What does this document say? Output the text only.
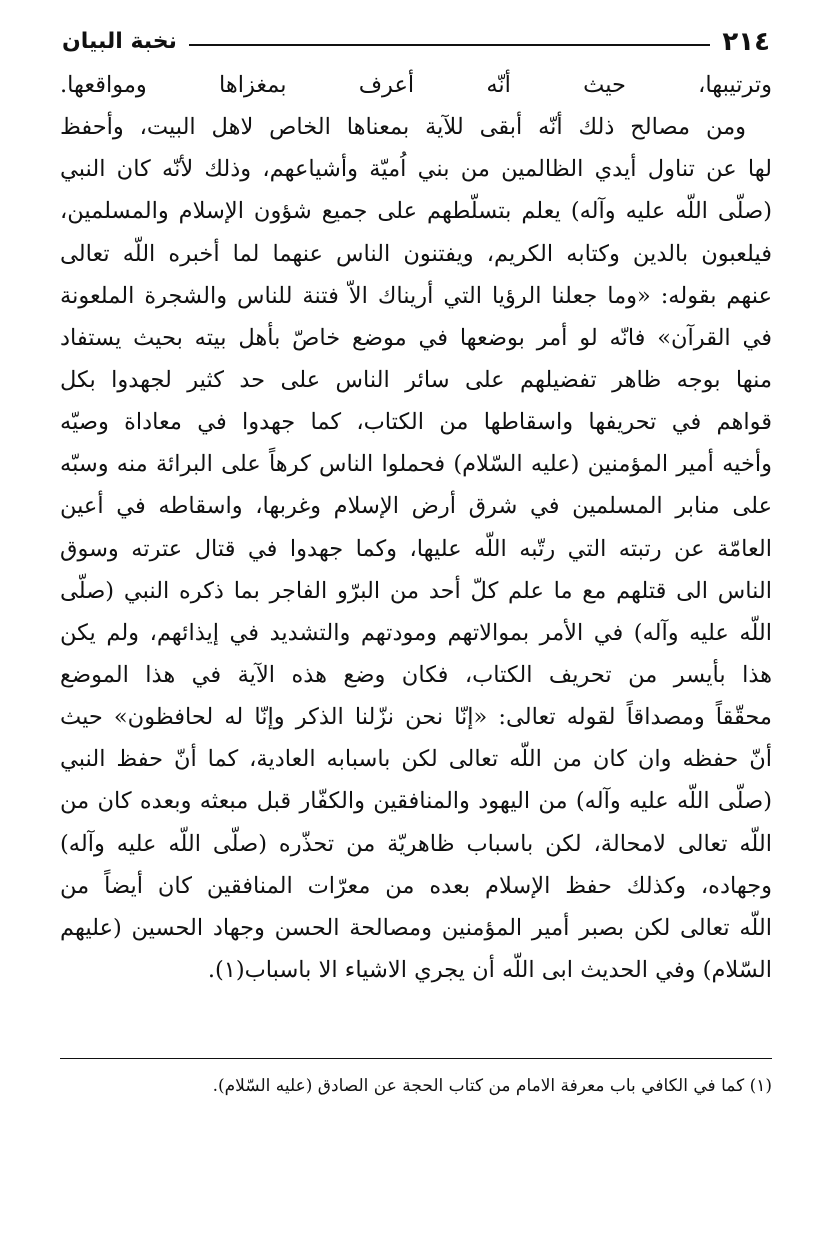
٢١٤
نخبة البيان
وترتيبها، حيث أنّه أعرف بمغزاها ومواقعها.
ومن مصالح ذلك أنّه أبقى للآية بمعناها الخاص لاهل البيت، وأحفظ
لها عن تناول أيدي الظالمين من بني اُميّة وأشياعهم، وذلك لأنّه كان النبي
(صلّى اللّه عليه وآله) يعلم بتسلّطهم على جميع شؤون الإسلام والمسلمين،
فيلعبون بالدين وكتابه الكريم، ويفتنون الناس عنهما لما أخبره اللّه تعالى
عنهم بقوله: «وما جعلنا الرؤيا التي أريناك الاّ فتنة للناس والشجرة الملعونة
في القرآن» فانّه لو أمر بوضعها في موضع خاصّ بأهل بيته بحيث يستفاد
منها بوجه ظاهر تفضيلهم على سائر الناس على حد كثير لجهدوا بكل
قواهم في تحريفها واسقاطها من الكتاب، كما جهدوا في معاداة وصيّه
وأخيه أمير المؤمنين (عليه السّلام) فحملوا الناس كرهاً على البرائة منه وسبّه
على منابر المسلمين في شرق أرض الإسلام وغربها، واسقاطه في أعين
العامّة عن رتبته التي رتّبه اللّه عليها، وكما جهدوا في قتال عترته وسوق
الناس الى قتلهم مع ما علم كلّ أحد من البرّو الفاجر بما ذكره النبي (صلّى
اللّه عليه وآله) في الأمر بموالاتهم ومودتهم والتشديد في إيذائهم، ولم يكن
هذا بأيسر من تحريف الكتاب، فكان وضع هذه الآية في هذا الموضع
محقّقاً ومصداقاً لقوله تعالى: «إنّا نحن نزّلنا الذكر وإنّا له لحافظون» حيث
أنّ حفظه وان كان من اللّه تعالى لكن باسبابه العادية، كما أنّ حفظ النبي
(صلّى اللّه عليه وآله) من اليهود والمنافقين والكفّار قبل مبعثه وبعده كان من
اللّه تعالى لامحالة، لكن باسباب ظاهريّة من تحذّره (صلّى اللّه عليه وآله)
وجهاده، وكذلك حفظ الإسلام بعده من معرّات المنافقين كان أيضاً من
اللّه تعالى لكن بصبر أمير المؤمنين ومصالحة الحسن وجهاد الحسين (عليهم
السّلام) وفي الحديث ابى اللّه أن يجري الاشياء الا باسباب(١).
(١) كما في الكافي باب معرفة الامام من كتاب الحجة عن الصادق (عليه السّلام).
